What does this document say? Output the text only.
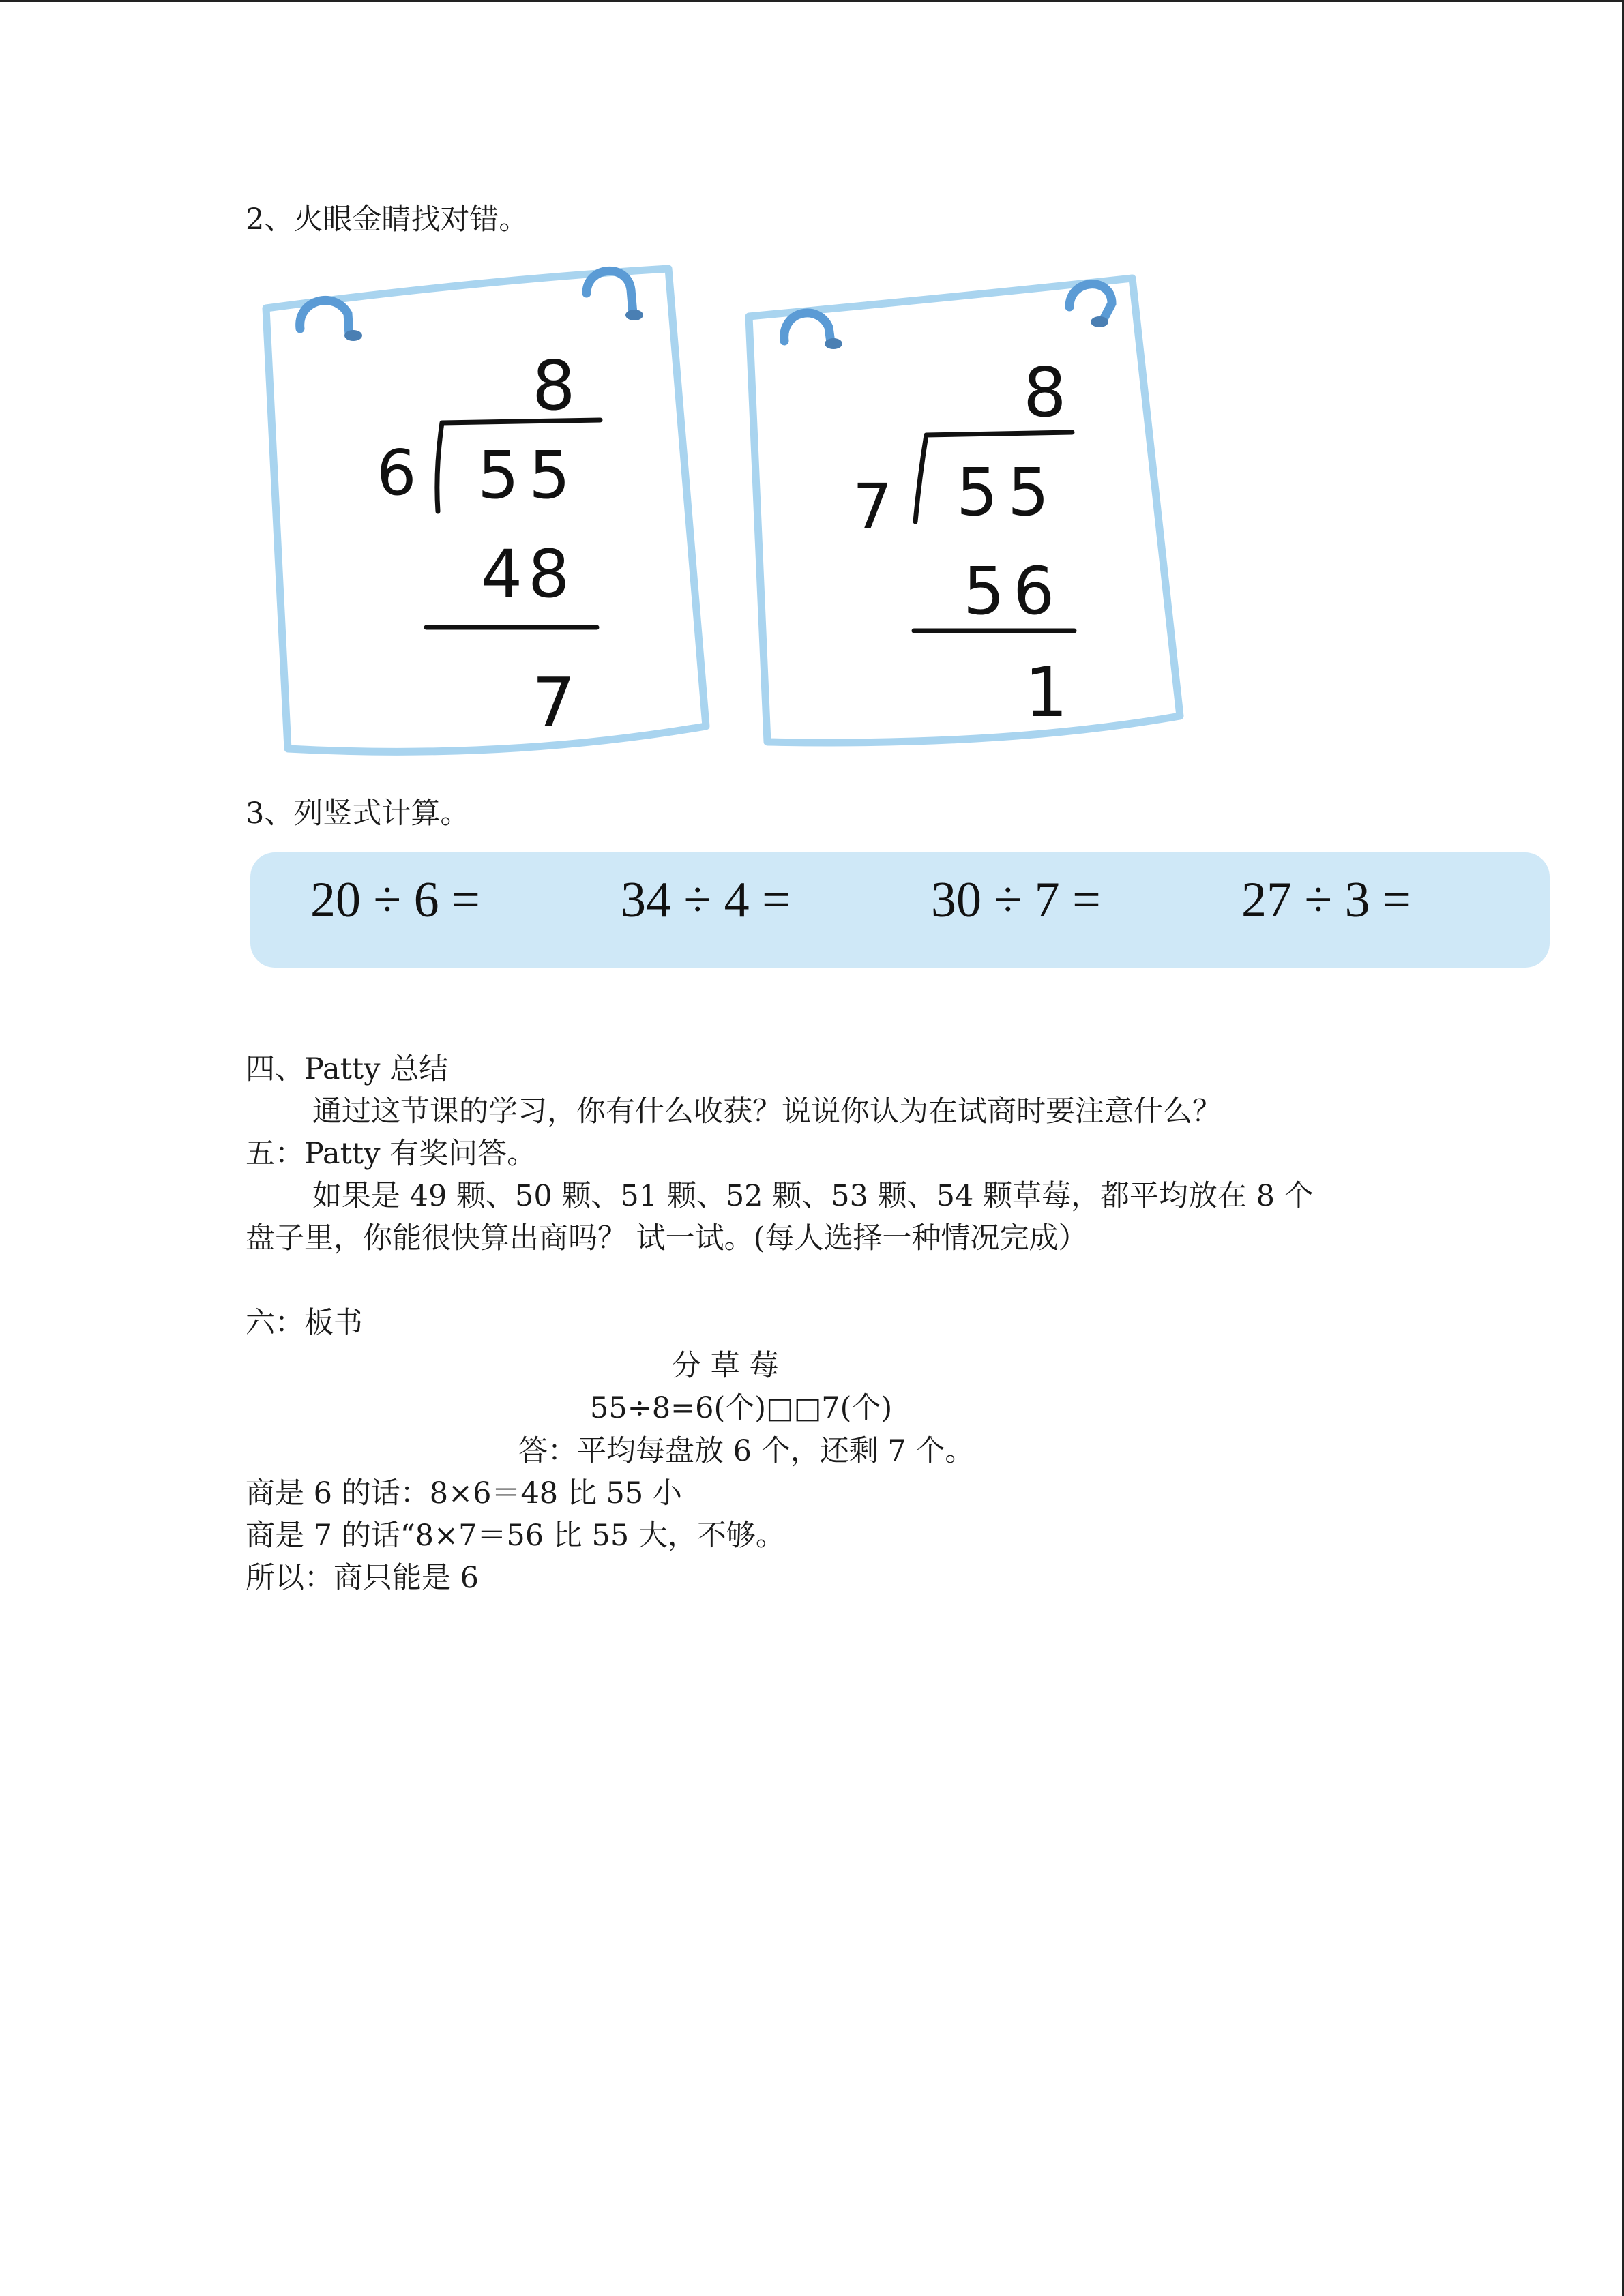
2、火眼金睛找对错。
8
6 55
48
7
8
7 55
56
1
3、列竖式计算。
20 ÷ 6 =	34 ÷ 4 =	30 ÷ 7 =	27 ÷ 3 =
四、Patty 总结
通过这节课的学习，你有什么收获？说说你认为在试商时要注意什么？
五：Patty 有奖问答。
如果是 49 颗、50 颗、51 颗、52 颗、53 颗、54 颗草莓，都平均放在 8 个
盘子里，你能很快算出商吗？ 试一试。(每人选择一种情况完成）
六：板书
分 草 莓
55÷8=6(个)□□7(个)
答：平均每盘放 6 个，还剩 7 个。
商是 6 的话：8×6＝48 比 55 小
商是 7 的话“8×7＝56 比 55 大，不够。
所以：商只能是 6
